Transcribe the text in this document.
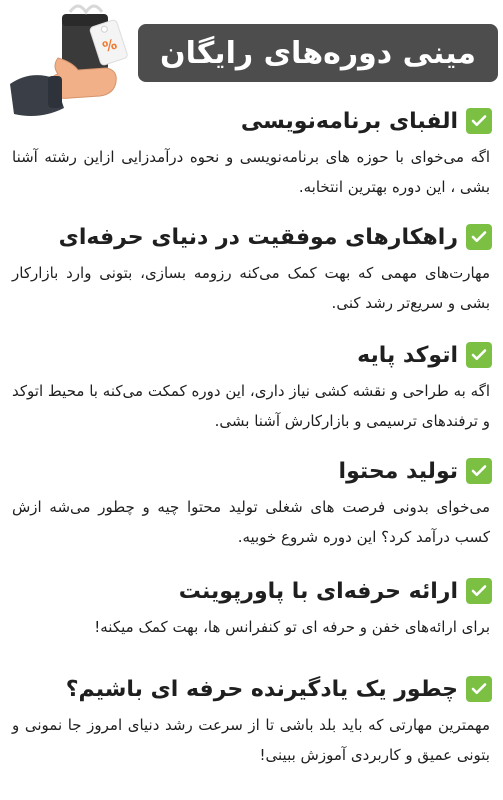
% مینی دوره‌های رایگان
الفبای برنامه‌نویسی
اگه می‌خوای با حوزه های برنامه‌نویسی و نحوه درآمدزایی ازاین رشته آشنا بشی ، این دوره بهترین انتخابه.
راهکارهای موفقیت در دنیای حرفه‌ای
مهارت‌های مهمی که بهت کمک می‌کنه رزومه بسازی، بتونی وارد بازارکار بشی و سریع‌تر رشد کنی.
اتوکد پایه
اگه به طراحی و نقشه کشی نیاز داری، این دوره کمکت می‌کنه با محیط اتوکد و ترفندهای ترسیمی و بازارکارش آشنا بشی.
تولید محتوا
می‌خوای بدونی فرصت های شغلی تولید محتوا چیه و چطور می‌شه ازش کسب درآمد کرد؟ این دوره شروع خوبیه.
ارائه حرفه‌ای با پاورپوینت
برای ارائه‌های خفن و حرفه ای تو کنفرانس ها، بهت کمک میکنه!
چطور یک یادگیرنده حرفه ای باشیم؟
مهمترین مهارتی که باید بلد باشی تا از سرعت رشد دنیای امروز جا نمونی و بتونی عمیق و کاربردی آموزش ببینی!
